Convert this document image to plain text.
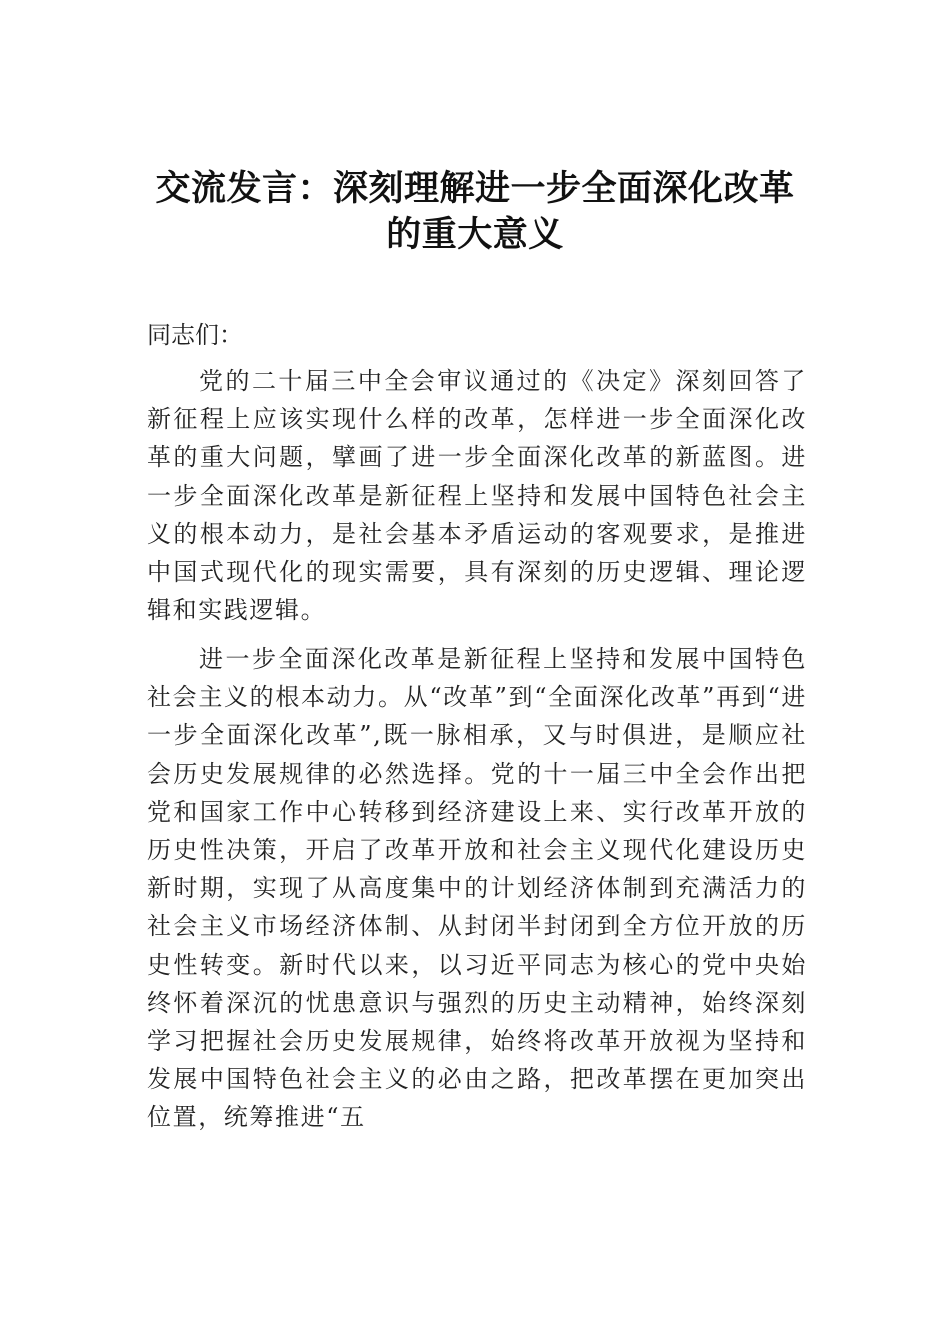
交流发言：深刻理解进一步全面深化改革
的重大意义

同志们：

党的二十届三中全会审议通过的《决定》深刻回答了新征程上应该实现什么样的改革，怎样进一步全面深化改革的重大问题，擘画了进一步全面深化改革的新蓝图。进一步全面深化改革是新征程上坚持和发展中国特色社会主义的根本动力，是社会基本矛盾运动的客观要求，是推进中国式现代化的现实需要，具有深刻的历史逻辑、理论逻辑和实践逻辑。

进一步全面深化改革是新征程上坚持和发展中国特色社会主义的根本动力。从“改革”到“全面深化改革”再到“进一步全面深化改革”,既一脉相承，又与时俱进，是顺应社会历史发展规律的必然选择。党的十一届三中全会作出把党和国家工作中心转移到经济建设上来、实行改革开放的历史性决策，开启了改革开放和社会主义现代化建设历史新时期，实现了从高度集中的计划经济体制到充满活力的社会主义市场经济体制、从封闭半封闭到全方位开放的历史性转变。新时代以来，以习近平同志为核心的党中央始终怀着深沉的忧患意识与强烈的历史主动精神，始终深刻学习把握社会历史发展规律，始终将改革开放视为坚持和发展中国特色社会主义的必由之路，把改革摆在更加突出位置，统筹推进“五
